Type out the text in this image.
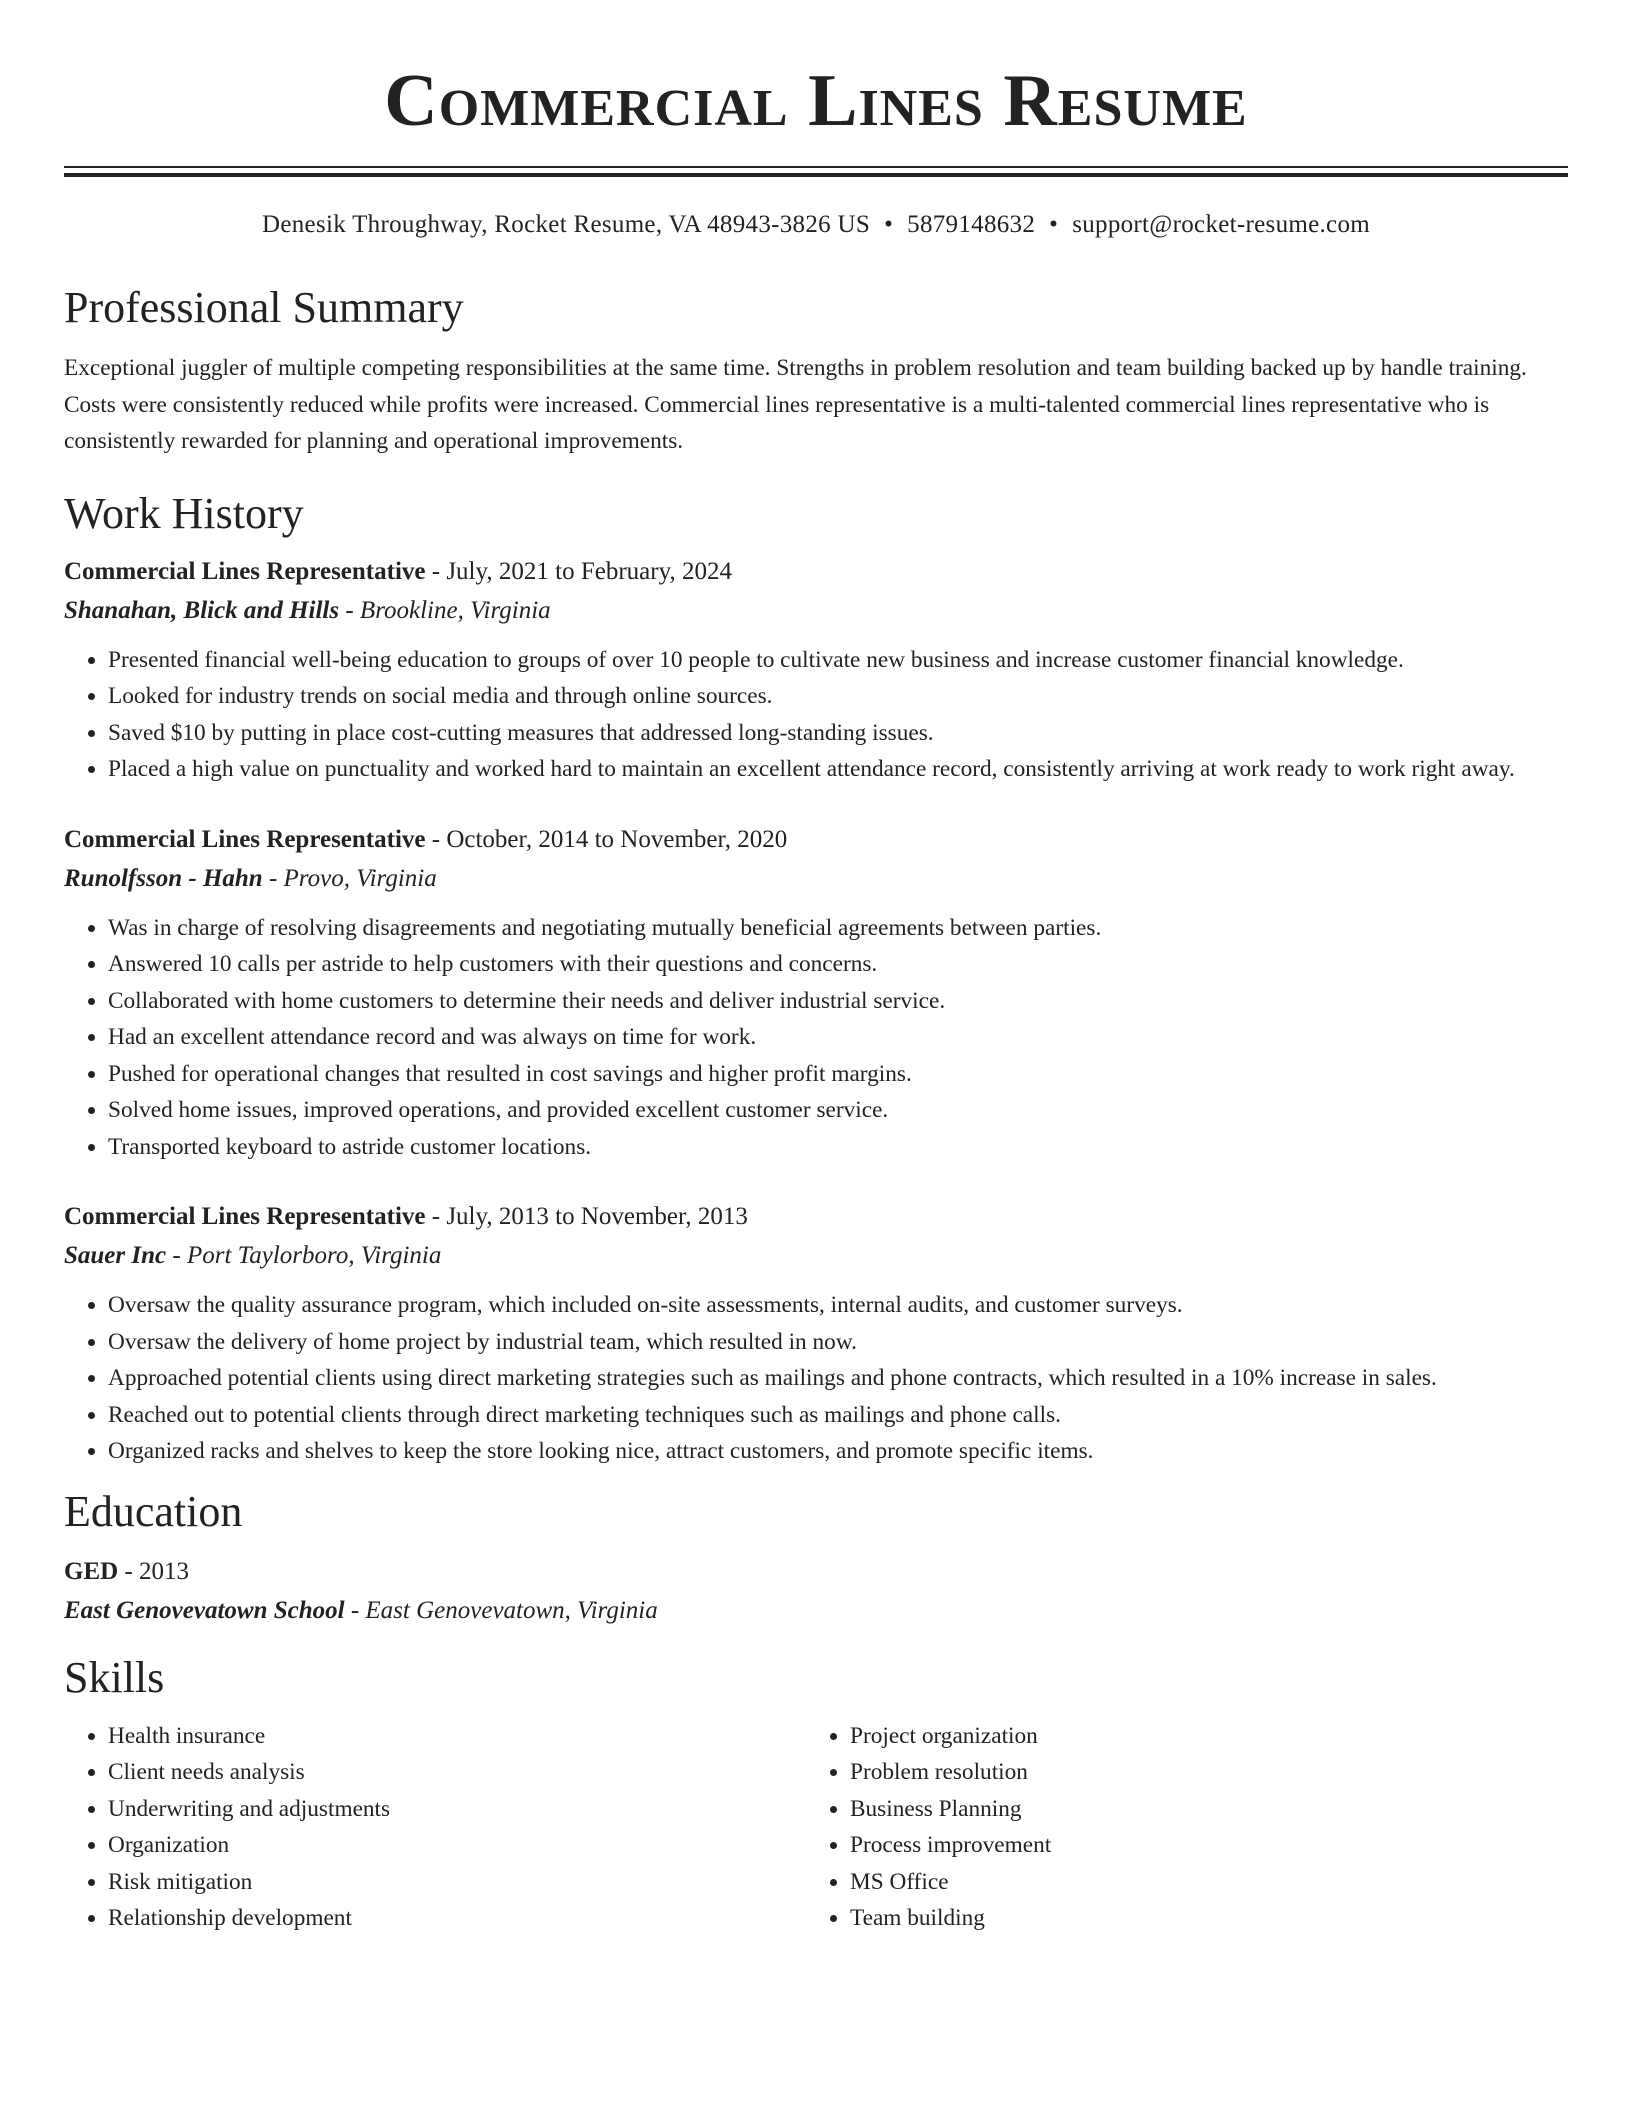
Commercial Lines Resume
Denesik Throughway, Rocket Resume, VA 48943-3826 US • 5879148632 • support@rocket-resume.com
Professional Summary

Exceptional juggler of multiple competing responsibilities at the same time. Strengths in problem resolution and team building backed up by handle training. Costs were consistently reduced while profits were increased. Commercial lines representative is a multi-talented commercial lines representative who is consistently rewarded for planning and operational improvements.

Work History
Commercial Lines Representative - July, 2021 to February, 2024
Shanahan, Blick and Hills - Brookline, Virginia
• Presented financial well-being education to groups of over 10 people to cultivate new business and increase customer financial knowledge.
• Looked for industry trends on social media and through online sources.
• Saved $10 by putting in place cost-cutting measures that addressed long-standing issues.
• Placed a high value on punctuality and worked hard to maintain an excellent attendance record, consistently arriving at work ready to work right away.
Commercial Lines Representative - October, 2014 to November, 2020
Runolfsson - Hahn - Provo, Virginia
• Was in charge of resolving disagreements and negotiating mutually beneficial agreements between parties.
• Answered 10 calls per astride to help customers with their questions and concerns.
• Collaborated with home customers to determine their needs and deliver industrial service.
• Had an excellent attendance record and was always on time for work.
• Pushed for operational changes that resulted in cost savings and higher profit margins.
• Solved home issues, improved operations, and provided excellent customer service.
• Transported keyboard to astride customer locations.
Commercial Lines Representative - July, 2013 to November, 2013
Sauer Inc - Port Taylorboro, Virginia
• Oversaw the quality assurance program, which included on-site assessments, internal audits, and customer surveys.
• Oversaw the delivery of home project by industrial team, which resulted in now.
• Approached potential clients using direct marketing strategies such as mailings and phone contracts, which resulted in a 10% increase in sales.
• Reached out to potential clients through direct marketing techniques such as mailings and phone calls.
• Organized racks and shelves to keep the store looking nice, attract customers, and promote specific items.
Education
GED - 2013
East Genovevatown School - East Genovevatown, Virginia
Skills
• Health insurance
• Client needs analysis
• Underwriting and adjustments
• Organization
• Risk mitigation
• Relationship development
• Project organization
• Problem resolution
• Business Planning
• Process improvement
• MS Office
• Team building
